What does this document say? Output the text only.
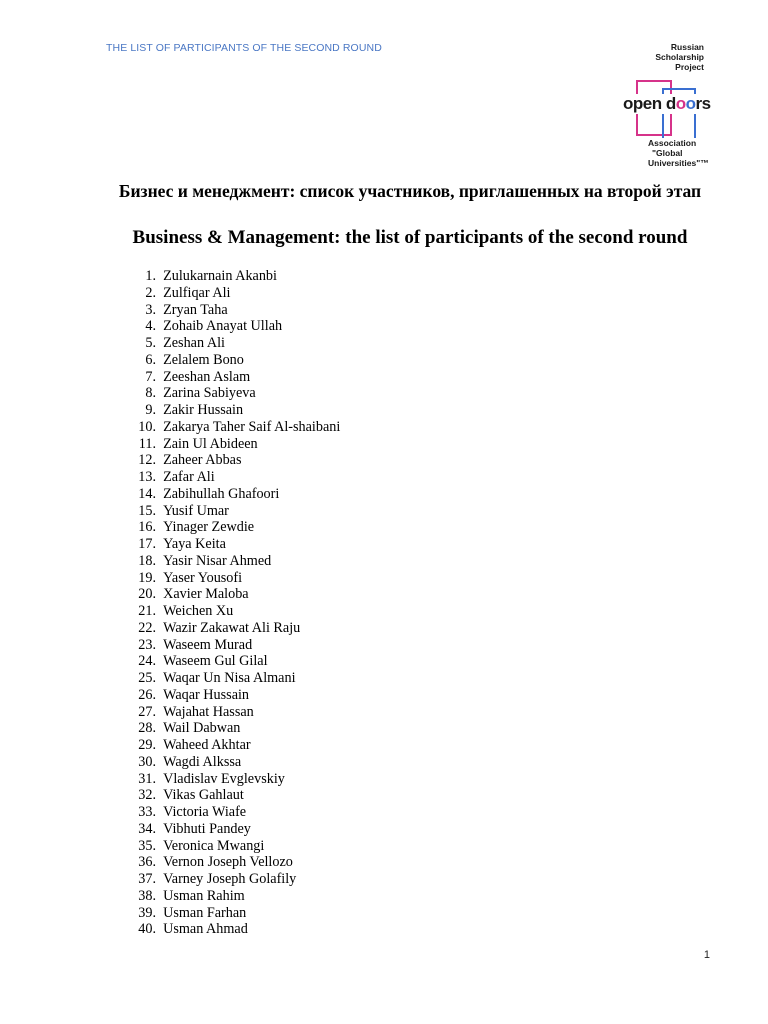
THE LIST OF PARTICIPANTS OF THE SECOND ROUND	Russian
Scholarship
Project
open doors
Association
"Global
Universities"™
Бизнес и менеджмент: список участников, приглашенных на второй этап
Business & Management: the list of participants of the second round
1. Zulukarnain Akanbi
2. Zulfiqar Ali
3. Zryan Taha
4. Zohaib Anayat Ullah
5. Zeshan Ali
6. Zelalem Bono
7. Zeeshan Aslam
8. Zarina Sabiyeva
9. Zakir Hussain
10. Zakarya Taher Saif Al-shaibani
11. Zain Ul Abideen
12. Zaheer Abbas
13. Zafar Ali
14. Zabihullah Ghafoori
15. Yusif Umar
16. Yinager Zewdie
17. Yaya Keita
18. Yasir Nisar Ahmed
19. Yaser Yousofi
20. Xavier Maloba
21. Weichen Xu
22. Wazir Zakawat Ali Raju
23. Waseem Murad
24. Waseem Gul Gilal
25. Waqar Un Nisa Almani
26. Waqar Hussain
27. Wajahat Hassan
28. Wail Dabwan
29. Waheed Akhtar
30. Wagdi Alkssa
31. Vladislav Evglevskiy
32. Vikas Gahlaut
33. Victoria Wiafe
34. Vibhuti Pandey
35. Veronica Mwangi
36. Vernon Joseph Vellozo
37. Varney Joseph Golafily
38. Usman Rahim
39. Usman Farhan
40. Usman Ahmad
1
